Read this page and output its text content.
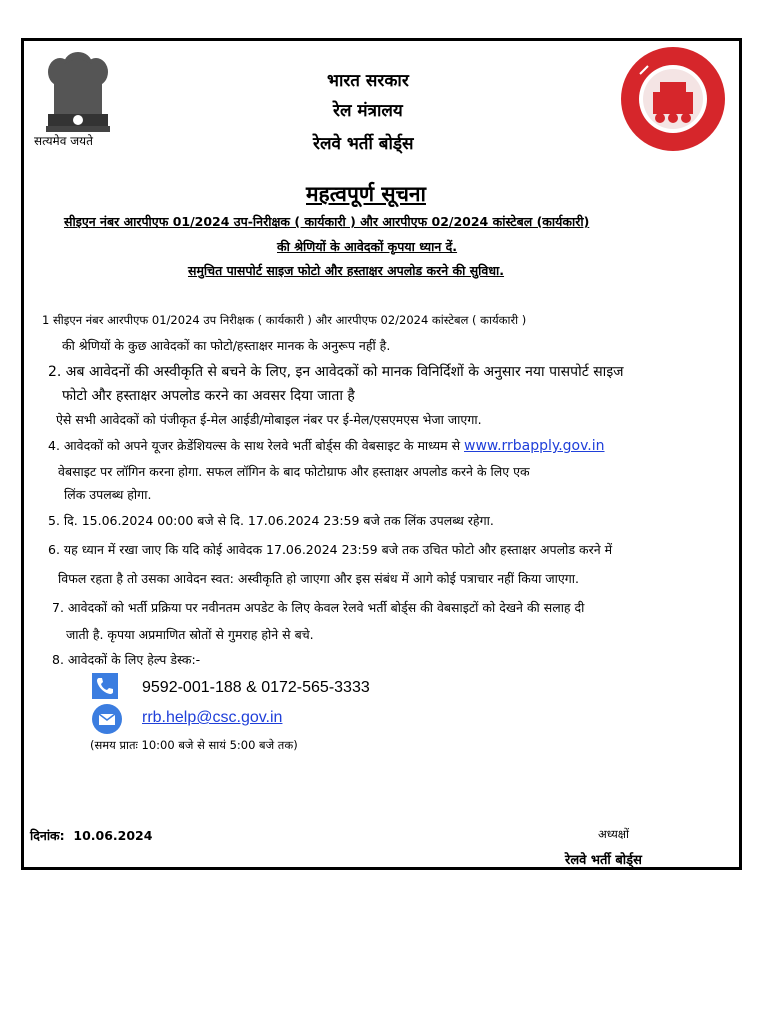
सत्यमेव जयते
भारत सरकार
रेल मंत्रालय
रेलवे भर्ती बोर्ड्स
महत्वपूर्ण सूचना
सीइएन नंबर आरपीएफ 01/2024 उप-निरीक्षक ( कार्यकारी ) और आरपीएफ 02/2024 कांस्टेबल (कार्यकारी)
की श्रेणियों के आवेदकों कृपया ध्यान दें.
समुचित पासपोर्ट साइज फोटो और हस्ताक्षर अपलोड करने की सुविधा.
1 सीइएन नंबर आरपीएफ 01/2024 उप निरीक्षक ( कार्यकारी ) और आरपीएफ 02/2024 कांस्टेबल ( कार्यकारी )
की श्रेणियों के कुछ आवेदकों का फोटो/हस्ताक्षर मानक के अनुरूप नहीं है.
2. अब आवेदनों की अस्वीकृति से बचने के लिए, इन आवेदकों को मानक विनिर्दिशों के अनुसार नया पासपोर्ट साइज
फोटो और हस्ताक्षर अपलोड करने का अवसर दिया जाता है
ऐसे सभी आवेदकों को पंजीकृत ई-मेल आईडी/मोबाइल नंबर पर ई-मेल/एसएमएस भेजा जाएगा.
4. आवेदकों को अपने यूजर क्रेडेंशियल्स के साथ रेलवे भर्ती बोर्ड्स की वेबसाइट के माध्यम से www.rrbapply.gov.in
वेबसाइट पर लॉगिन करना होगा. सफल लॉगिन के बाद फोटोग्राफ और हस्ताक्षर अपलोड करने के लिए एक
लिंक उपलब्ध होगा.
5. दि. 15.06.2024 00:00 बजे से दि. 17.06.2024 23:59 बजे तक लिंक उपलब्ध रहेगा.
6. यह ध्यान में रखा जाए कि यदि कोई आवेदक 17.06.2024 23:59 बजे तक उचित फोटो और हस्ताक्षर अपलोड करने में
विफल रहता है तो उसका आवेदन स्वत: अस्वीकृति हो जाएगा और इस संबंध में आगे कोई पत्राचार नहीं किया जाएगा.
7. आवेदकों को भर्ती प्रक्रिया पर नवीनतम अपडेट के लिए केवल रेलवे भर्ती बोर्ड्स की वेबसाइटों को देखने की सलाह दी
जाती है. कृपया अप्रमाणित स्रोतों से गुमराह होने से बचे.
8. आवेदकों के लिए हेल्प डेस्क:-
9592-001-188 & 0172-565-3333
rrb.help@csc.gov.in
(समय प्रातः 10:00 बजे से सायं 5:00 बजे तक)
दिनांक: 10.06.2024	अध्यक्षों
रेलवे भर्ती बोर्ड्स
